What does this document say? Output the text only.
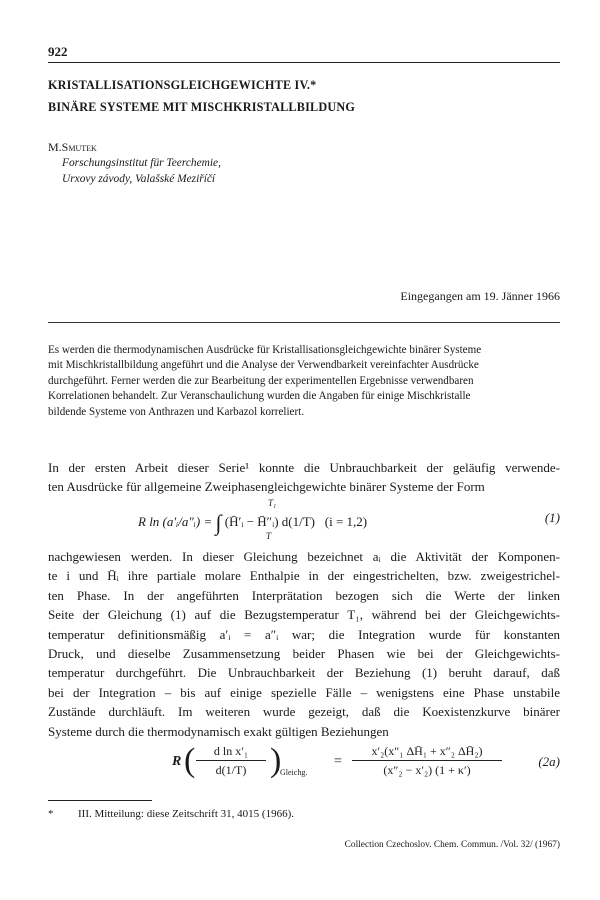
922
KRISTALLISATIONSGLEICHGEWICHTE IV.*
BINÄRE SYSTEME MIT MISCHKRISTALLBILDUNG
M.Smutek
Forschungsinstitut für Teerchemie,
Urxovy závody, Valašské Meziříčí
Eingegangen am 19. Jänner 1966
Es werden die thermodynamischen Ausdrücke für Kristallisationsgleichgewichte binärer Systeme
mit Mischkristallbildung angeführt und die Analyse der Verwendbarkeit vereinfachter Ausdrücke
durchgeführt. Ferner werden die zur Bearbeitung der experimentellen Ergebnisse verwendbaren
Korrelationen behandelt. Zur Veranschaulichung wurden die Angaben für einige Mischkristalle
bildende Systeme von Anthrazen und Karbazol korreliert.
In der ersten Arbeit dieser Serie¹ konnte die Unbrauchbarkeit der geläufig verwende-
ten Ausdrücke für allgemeine Zweiphasengleichgewichte binärer Systeme der Form
T₁
R ln (a′ᵢ/a″ᵢ) = ∫ (H̄′ᵢ − H̄″ᵢ) d(1/T) (i = 1,2)
T
(1)
nachgewiesen werden. In dieser Gleichung bezeichnet aᵢ die Aktivität der Komponen-
te i und H̄ᵢ ihre partiale molare Enthalpie in der eingestrichelten, bzw. zweigestrichel-
ten Phase. In der angeführten Interprätation bezogen sich die Werte der linken
Seite der Gleichung (1) auf die Bezugstemperatur T₁, während bei der Gleichgewichts-
temperatur definitionsmäßig a′ᵢ = a″ᵢ war; die Integration wurde für konstanten
Druck, und dieselbe Zusammensetzung beider Phasen wie bei der Gleichgewichts-
temperatur durchgeführt. Die Unbrauchbarkeit der Beziehung (1) beruht darauf, daß
bei der Integration – bis auf einige spezielle Fälle – wenigstens eine Phase unstabile
Zustände durchläuft. Im weiteren wurde gezeigt, daß die Koexistenzkurve binärer
Systeme durch die thermodynamisch exakt gültigen Beziehungen
R ( $\frac{\text{d ln x′₁}}{d(1/T)}$ )
Gleichg.
= $\frac{\text{x′₂(x″₁ ΔH̄₁ + x″₂ ΔH̄₂)}}{\text{(x″₂ − x′₂) (1 + κ′)}}$	(2a)
* III. Mitteilung: diese Zeitschrift 31, 4015 (1966).
Collection Czechoslov. Chem. Commun. /Vol. 32/ (1967)
